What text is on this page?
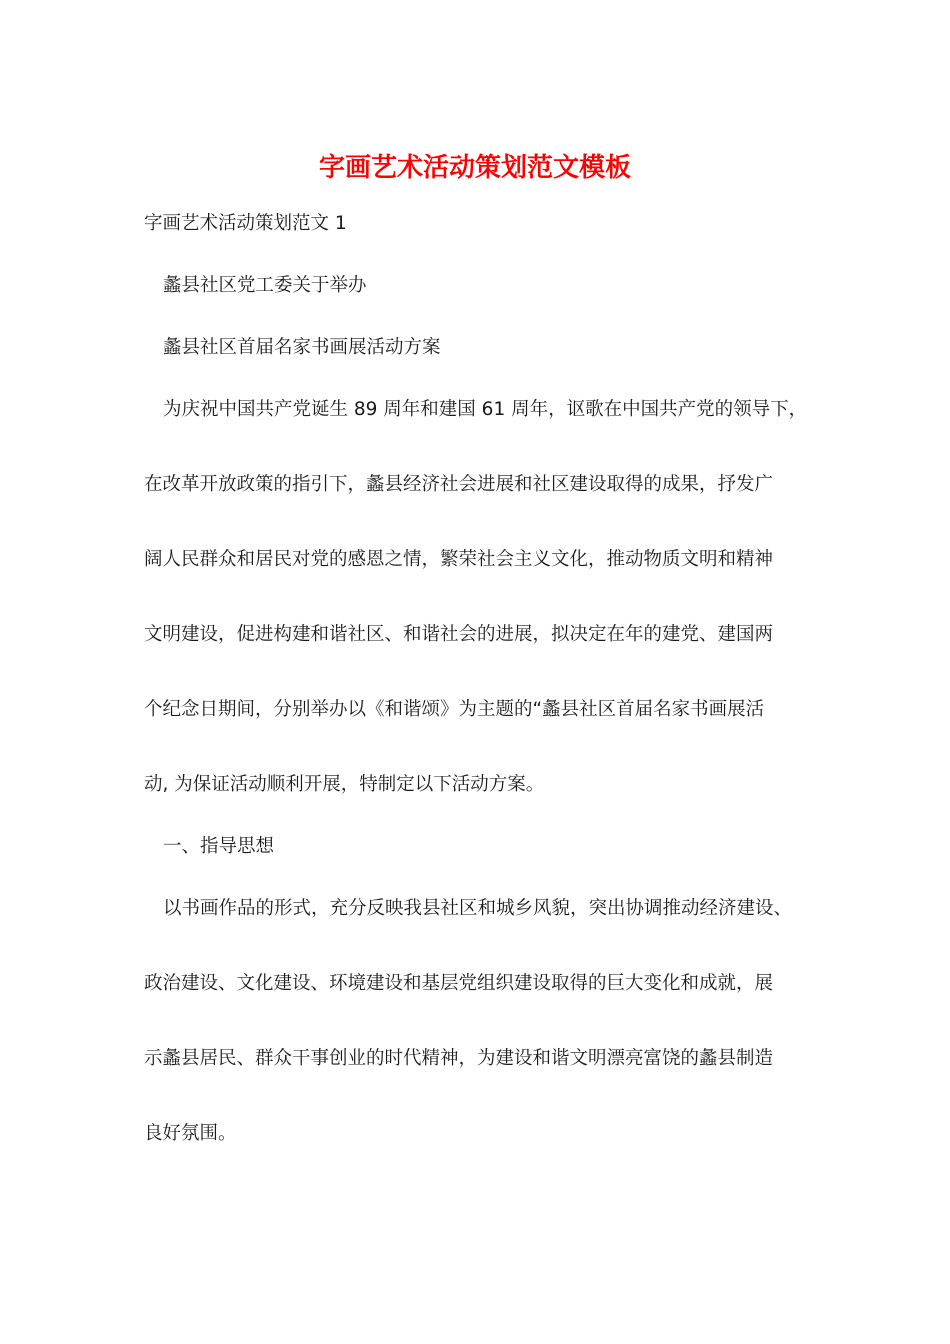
字画艺术活动策划范文模板

字画艺术活动策划范文 1

蠡县社区党工委关于举办

蠡县社区首届名家书画展活动方案

为庆祝中国共产党诞生 89 周年和建国 61 周年，讴歌在中国共产党的领导下，

在改革开放政策的指引下，蠡县经济社会进展和社区建设取得的成果，抒发广

阔人民群众和居民对党的感恩之情，繁荣社会主义文化，推动物质文明和精神

文明建设，促进构建和谐社区、和谐社会的进展，拟决定在年的建党、建国两

个纪念日期间，分别举办以《和谐颂》为主题的“蠡县社区首届名家书画展活

动, 为保证活动顺利开展，特制定以下活动方案。

一、指导思想

以书画作品的形式，充分反映我县社区和城乡风貌，突出协调推动经济建设、

政治建设、文化建设、环境建设和基层党组织建设取得的巨大变化和成就，展

示蠡县居民、群众干事创业的时代精神，为建设和谐文明漂亮富饶的蠡县制造

良好氛围。
